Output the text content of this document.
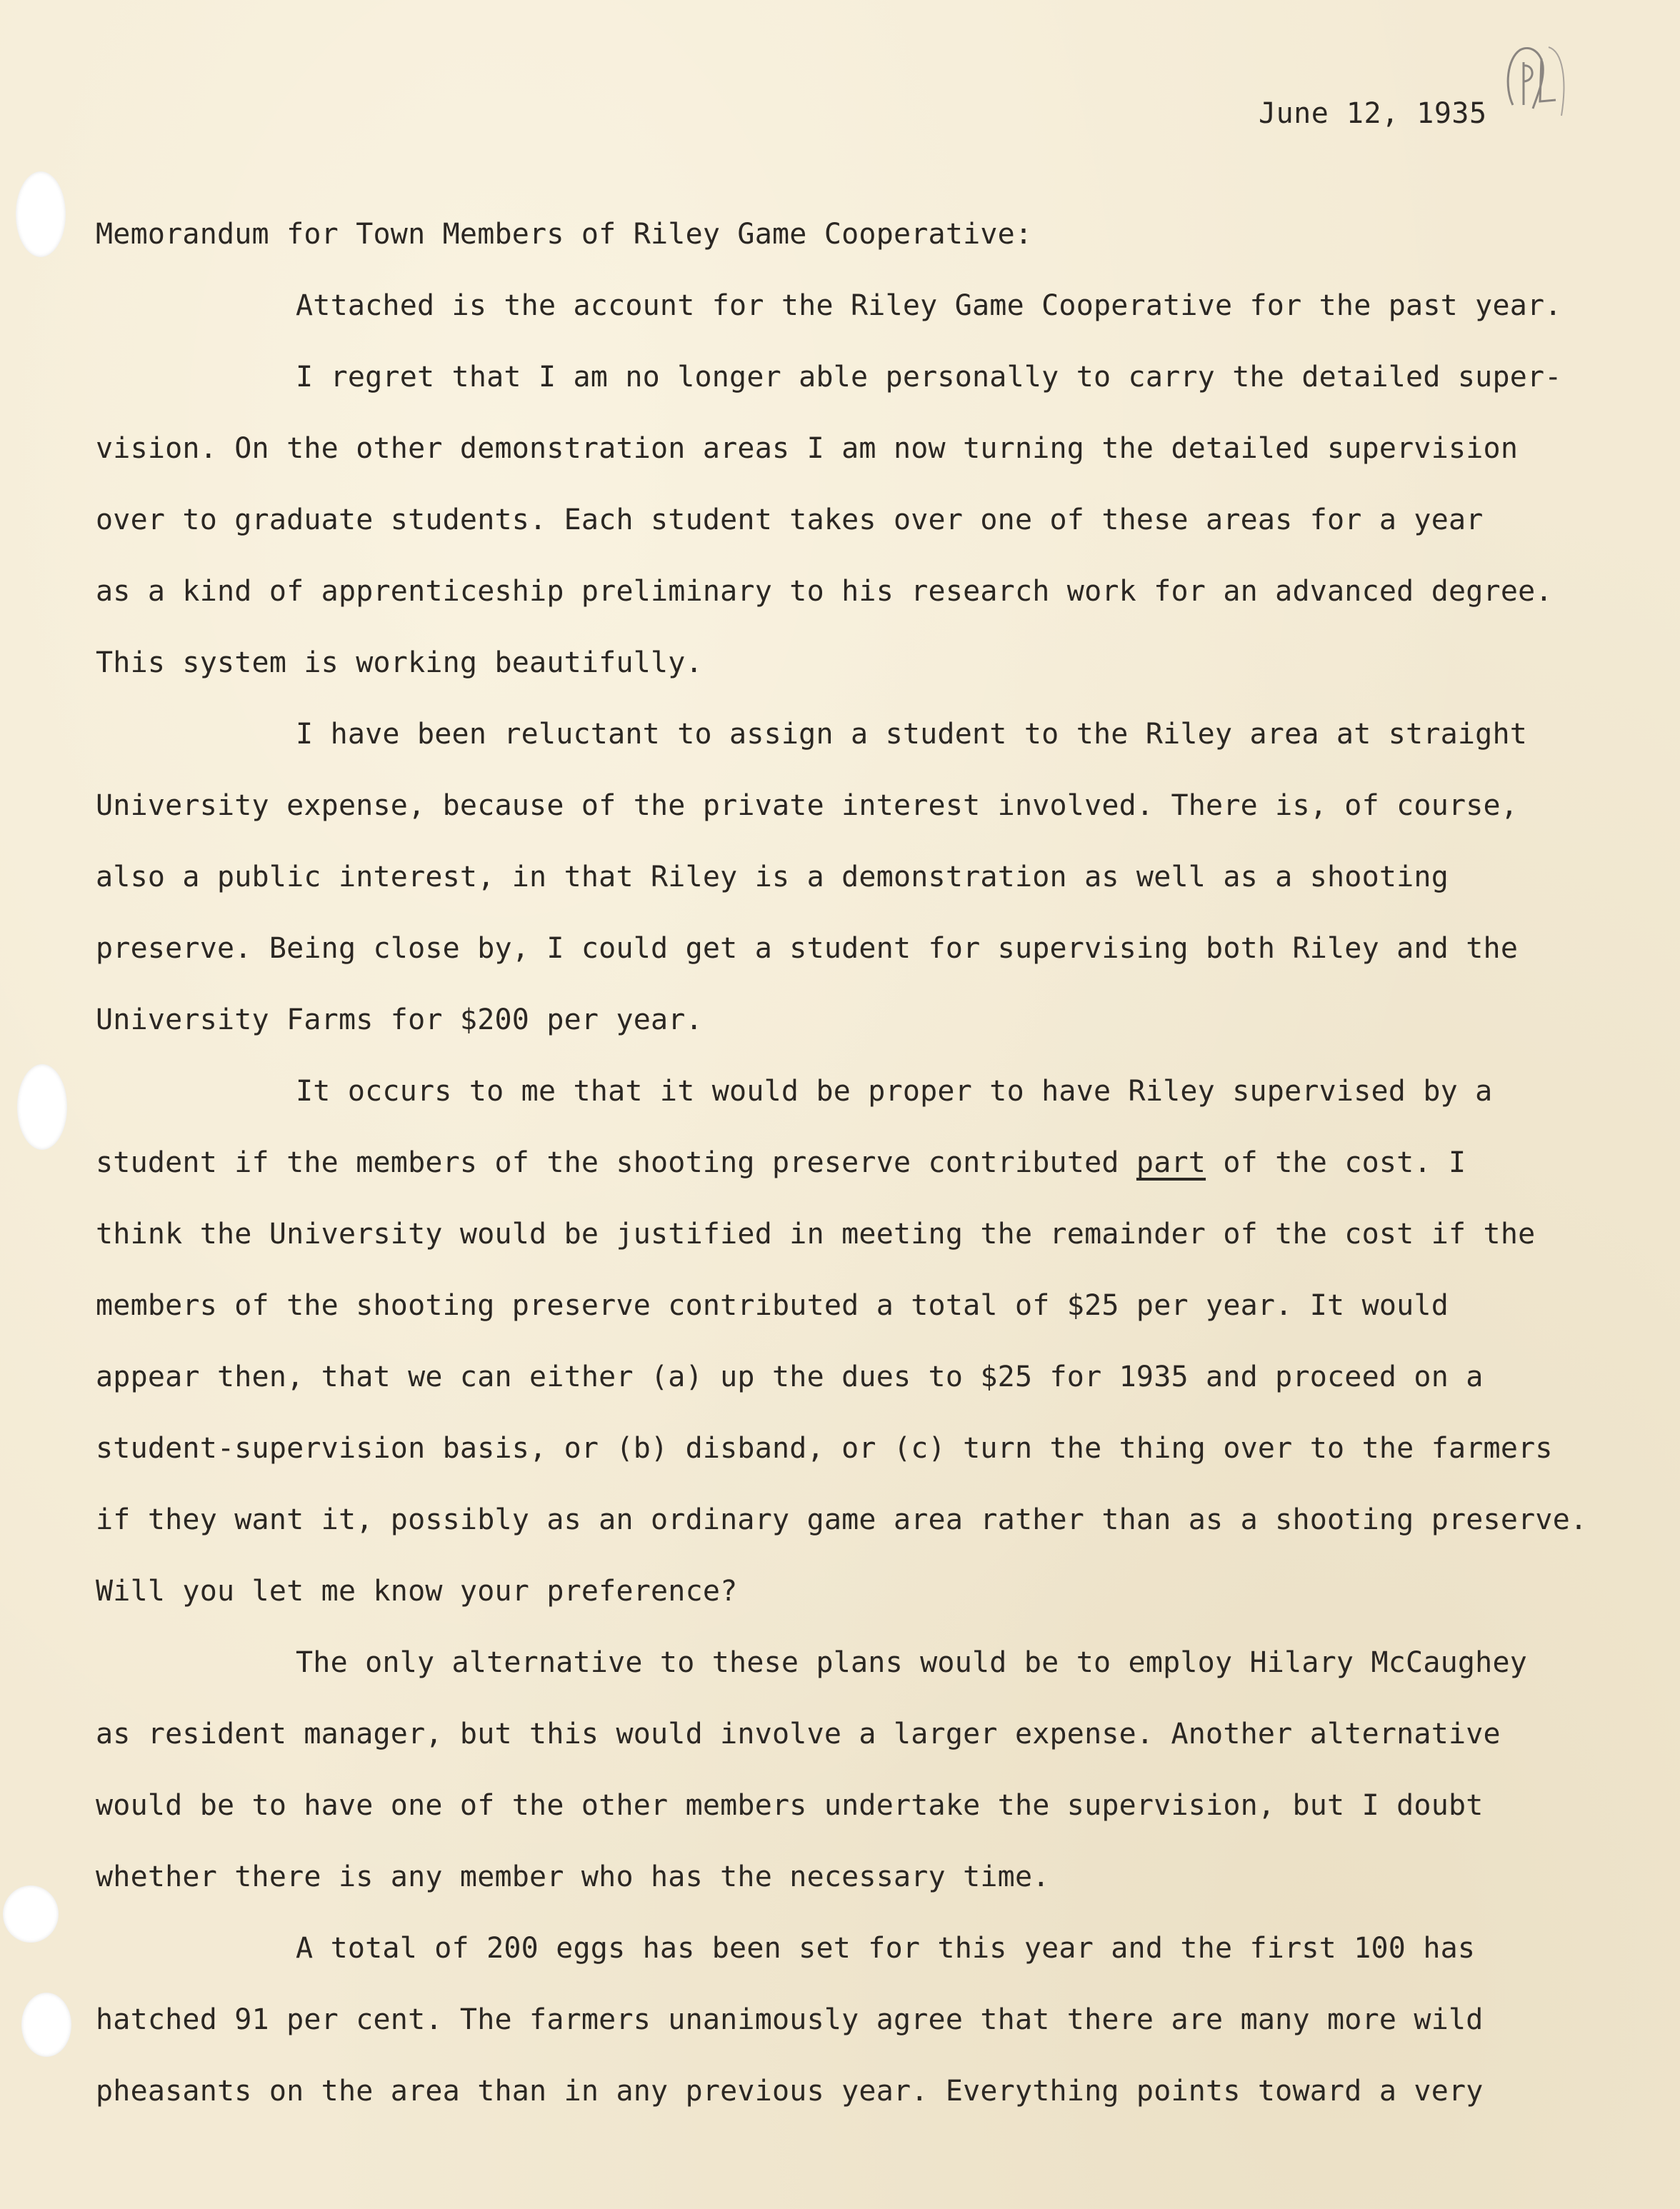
June 12, 1935
Memorandum for Town Members of Riley Game Cooperative:
Attached is the account for the Riley Game Cooperative for the past year.
I regret that I am no longer able personally to carry the detailed super-
vision. On the other demonstration areas I am now turning the detailed supervision
over to graduate students. Each student takes over one of these areas for a year
as a kind of apprenticeship preliminary to his research work for an advanced degree.
This system is working beautifully.
I have been reluctant to assign a student to the Riley area at straight
University expense, because of the private interest involved. There is, of course,
also a public interest, in that Riley is a demonstration as well as a shooting
preserve. Being close by, I could get a student for supervising both Riley and the
University Farms for $200 per year.
It occurs to me that it would be proper to have Riley supervised by a
student if the members of the shooting preserve contributed part of the cost. I
think the University would be justified in meeting the remainder of the cost if the
members of the shooting preserve contributed a total of $25 per year. It would
appear then, that we can either (a) up the dues to $25 for 1935 and proceed on a
student-supervision basis, or (b) disband, or (c) turn the thing over to the farmers
if they want it, possibly as an ordinary game area rather than as a shooting preserve.
Will you let me know your preference?
The only alternative to these plans would be to employ Hilary McCaughey
as resident manager, but this would involve a larger expense. Another alternative
would be to have one of the other members undertake the supervision, but I doubt
whether there is any member who has the necessary time.
A total of 200 eggs has been set for this year and the first 100 has
hatched 91 per cent. The farmers unanimously agree that there are many more wild
pheasants on the area than in any previous year. Everything points toward a very
